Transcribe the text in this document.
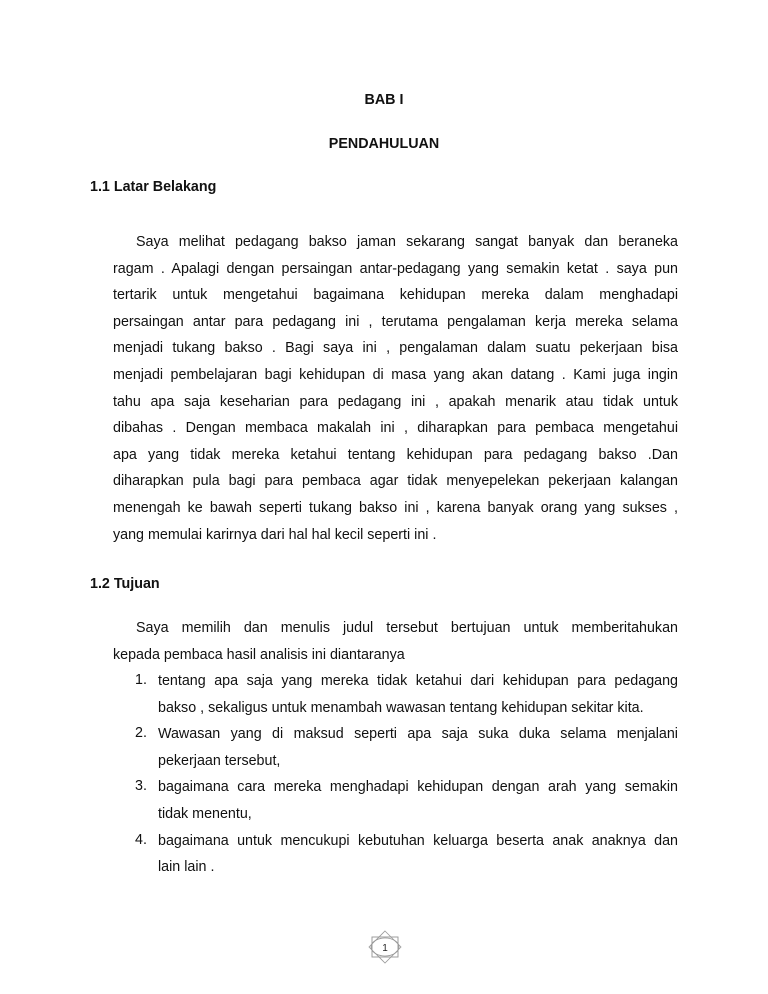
BAB I
PENDAHULUAN
1.1 Latar Belakang
Saya melihat pedagang bakso jaman sekarang sangat banyak dan beraneka
ragam . Apalagi dengan persaingan antar-pedagang yang semakin ketat . saya pun
tertarik untuk mengetahui bagaimana kehidupan mereka dalam menghadapi
persaingan antar para pedagang ini , terutama pengalaman kerja mereka selama
menjadi tukang bakso . Bagi saya ini , pengalaman dalam suatu pekerjaan bisa
menjadi pembelajaran bagi kehidupan di masa yang akan datang . Kami juga ingin
tahu apa saja keseharian para pedagang ini , apakah menarik atau tidak untuk
dibahas . Dengan membaca makalah ini , diharapkan para pembaca mengetahui
apa yang tidak mereka ketahui tentang kehidupan para pedagang bakso .Dan
diharapkan pula bagi para pembaca agar tidak menyepelekan pekerjaan kalangan
menengah ke bawah seperti tukang bakso ini , karena banyak orang yang sukses ,
yang memulai karirnya dari hal hal kecil seperti ini .
1.2 Tujuan
Saya memilih dan menulis judul tersebut bertujuan untuk memberitahukan
kepada pembaca hasil analisis ini diantaranya
1. tentang apa saja yang mereka tidak ketahui dari kehidupan para pedagang
bakso , sekaligus untuk menambah wawasan tentang kehidupan sekitar kita.
2. Wawasan yang di maksud seperti apa saja suka duka selama menjalani
pekerjaan tersebut,
3. bagaimana cara mereka menghadapi kehidupan dengan arah yang semakin
tidak menentu,
4. bagaimana untuk mencukupi kebutuhan keluarga beserta anak anaknya dan
lain lain .
1
